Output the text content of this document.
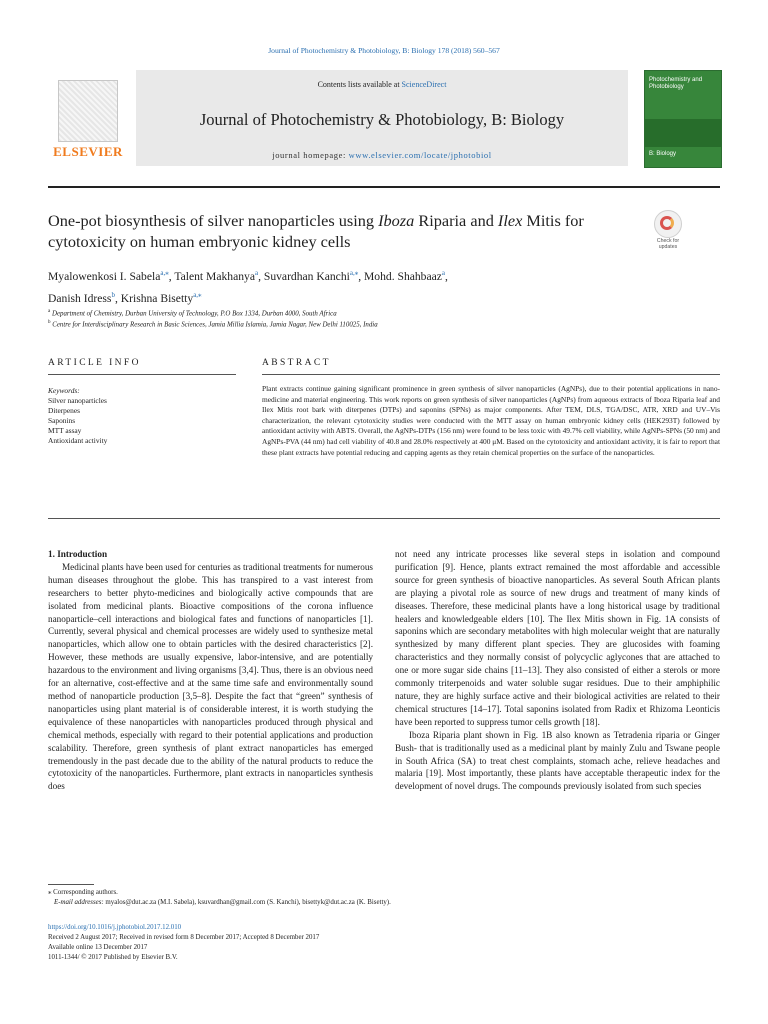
Journal of Photochemistry & Photobiology, B: Biology 178 (2018) 560–567
ELSEVIER
Contents lists available at ScienceDirect
Journal of Photochemistry & Photobiology, B: Biology
journal homepage: www.elsevier.com/locate/jphotobiol
Photochemistry and Photobiology
B: Biology
One-pot biosynthesis of silver nanoparticles using Iboza Riparia and Ilex Mitis for cytotoxicity on human embryonic kidney cells	Check for
updates
Myalowenkosi I. Sabela$^{a,⁎}$, Talent Makhanya$^a$, Suvardhan Kanchi$^{a,⁎}$, Mohd. Shahbaaz$^a$,
Danish Idress$^b$, Krishna Bisetty$^{a,⁎}$
$^a$ Department of Chemistry, Durban University of Technology, P.O Box 1334, Durban 4000, South Africa
$^b$ Centre for Interdisciplinary Research in Basic Sciences, Jamia Millia Islamia, Jamia Nagar, New Delhi 110025, India
ARTICLE INFO	ABSTRACT
Keywords:
Silver nanoparticles
Diterpenes
Saponins
MTT assay
Antioxidant activity
Plant extracts continue gaining significant prominence in green synthesis of silver nanoparticles (AgNPs), due to their potential applications in nano-medicine and material engineering. This work reports on green synthesis of silver nanoparticles (AgNPs) from aqueous extracts of Iboza Riparia leaf and Ilex Mitis root bark with diterpenes (DTPs) and saponins (SPNs) as major components. After TEM, DLS, TGA/DSC, ATR, XRD and UV–Vis characterization, the relevant cytotoxicity studies were conducted with the MTT assay on human embryonic kidney cells (HEK293T) followed by antioxidant activity with ABTS. Overall, the AgNPs-DTPs (156 nm) were found to be less toxic with 49.7% cell viability, while AgNPs-SPNs (50 nm) and AgNPs-PVA (44 nm) had cell viability of 40.8 and 28.0% respectively at 400 μM. Based on the cytotoxicity and antioxidant activity, it is fair to report that these plant extracts have potential reducing and capping agents as they retain chemical properties on the surface of the nanoparticles.

1. Introduction

Medicinal plants have been used for centuries as traditional treatments for numerous human diseases throughout the globe. This has transpired to a vast interest from researchers to better phyto-medicines and biologically active compounds that are isolated from medicinal plants. Bioactive compositions of the corona influence nanoparticle–cell interactions and biological fates and functions of nanoparticles [1]. Currently, several physical and chemical processes are widely used to synthesize metal nanoparticles, which allow one to obtain particles with the desired characteristics [2]. However, these methods are usually expensive, labor-intensive, and are potentially hazardous to the environment and living organisms [3,4]. Thus, there is an obvious need for an alternative, cost-effective and at the same time safe and environmentally sound method of nanoparticle production [3,5–8]. Despite the fact that “green” synthesis of nanoparticles using plant material is of considerable interest, it is worth studying the equivalence of these nanoparticles with nanoparticles produced through physical and chemical methods, especially with regard to their potential applications and production scalability. Therefore, green synthesis of plant extract nanoparticles has emerged tremendously in the past decade due to the ability of the natural products to reduce the cytotoxicity of the nanoparticles. Furthermore, plant extracts in nanoparticles synthesis does

not need any intricate processes like several steps in isolation and compound purification [9]. Hence, plants extract remained the most affordable and accessible source for green synthesis of bioactive nanoparticles. As several South African plants are playing a pivotal role as source of new drugs and treatment of many kinds of diseases. Therefore, these medicinal plants have a long historical usage by traditional healers and knowledgeable elders [10]. The Ilex Mitis shown in Fig. 1A consists of saponins which are secondary metabolites with high molecular weight that are naturally synthesized by many different plant species. They are glucosides with foaming characteristics and they normally consist of polycyclic aglycones that are attached to one or more sugar side chains [11–13]. They also consisted of either a sterols or more commonly triterpenoids and water soluble sugar residues. Due to their amphiphilic nature, they are highly surface active and their biological activities are related to their chemical structures [14–17]. Total saponins isolated from Radix et Rhizoma Leonticis have been reported to suppress tumor cells growth [18].

Iboza Riparia plant shown in Fig. 1B also known as Tetradenia riparia or Ginger Bush- that is traditionally used as a medicinal plant by mainly Zulu and Tswane people in South Africa (SA) to treat chest complaints, stomach ache, relieve headaches and malaria [19]. Most importantly, these plants have acceptable therapeutic index for the development of novel drugs. The compounds previously isolated from such species

⁎ Corresponding authors.
E-mail addresses: myalos@dut.ac.za (M.I. Sabela), ksuvardhan@gmail.com (S. Kanchi), bisettyk@dut.ac.za (K. Bisetty).
https://doi.org/10.1016/j.jphotobiol.2017.12.010
Received 2 August 2017; Received in revised form 8 December 2017; Accepted 8 December 2017
Available online 13 December 2017
1011-1344/ © 2017 Published by Elsevier B.V.
